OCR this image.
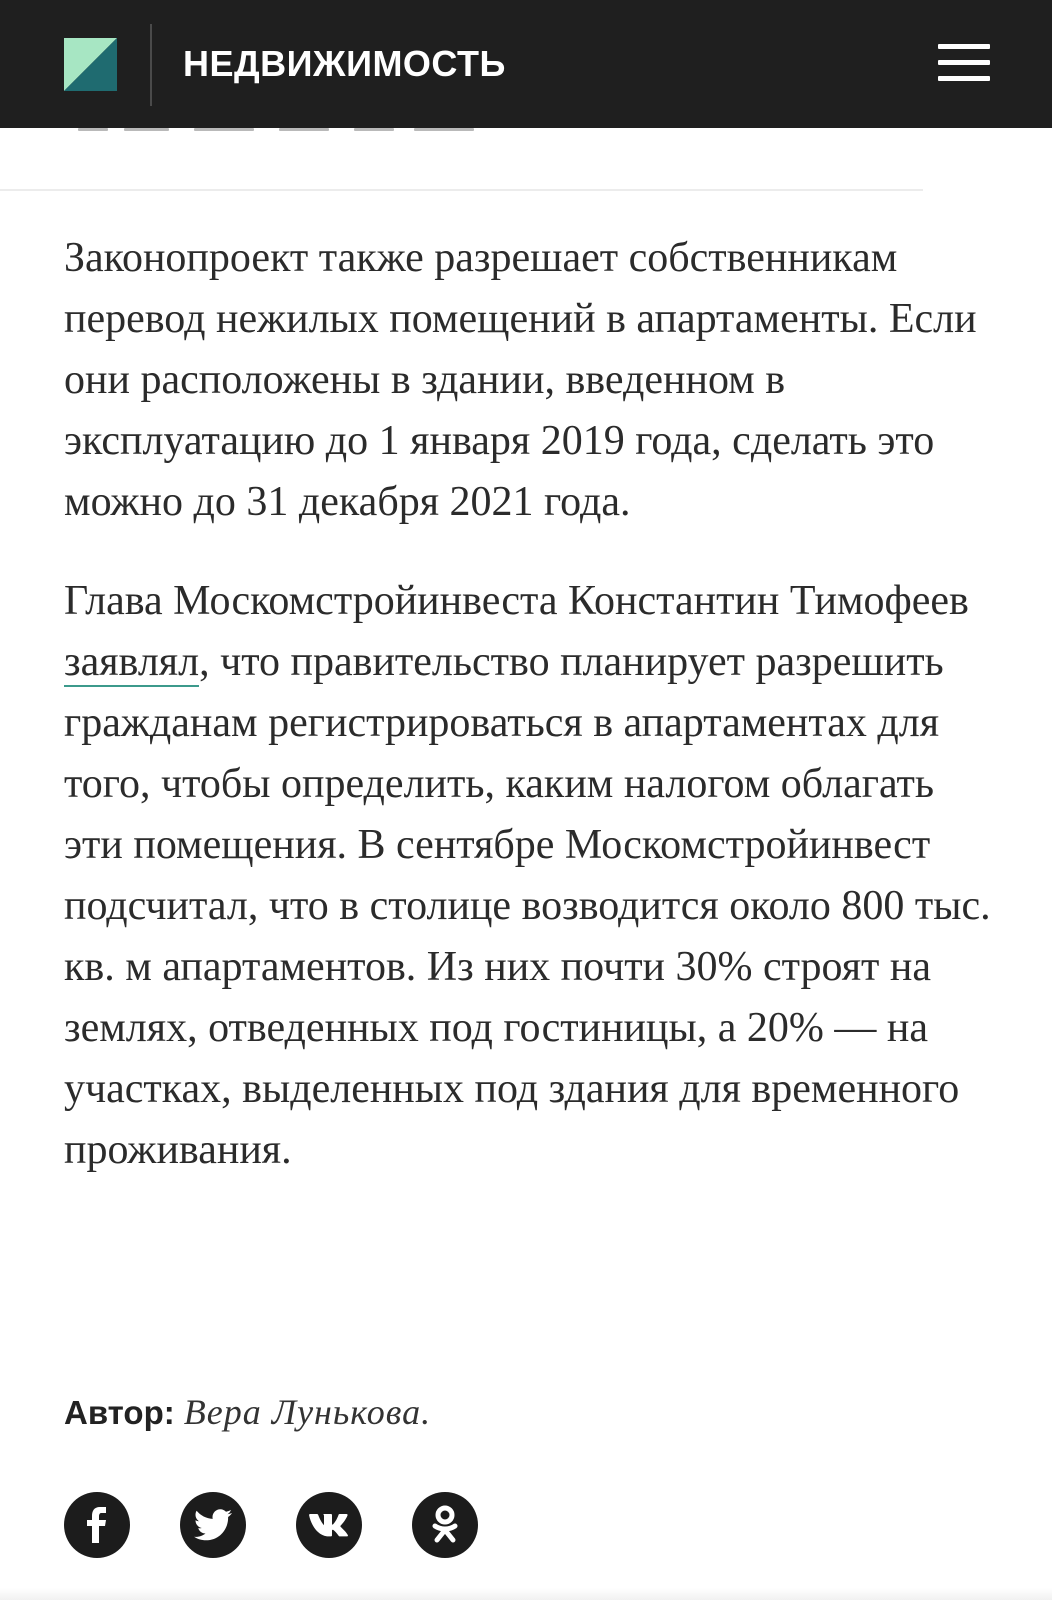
НЕДВИЖИМОСТЬ

Законопроект также разрешает собственникам перевод нежилых помещений в апартаменты. Если они расположены в здании, введенном в эксплуатацию до 1 января 2019 года, сделать это можно до 31 декабря 2021 года.

Глава Москомстройинвеста Константин Тимофеев заявлял, что правительство планирует разрешить гражданам регистрироваться в апартаментах для того, чтобы определить, каким налогом облагать эти помещения. В сентябре Москомстройинвест подсчитал, что в столице возводится около 800 тыс. кв. м апартаментов. Из них почти 30% строят на землях, отведенных под гостиницы, а 20% — на участках, выделенных под здания для временного проживания.

Автор: Вера Лунькова.
